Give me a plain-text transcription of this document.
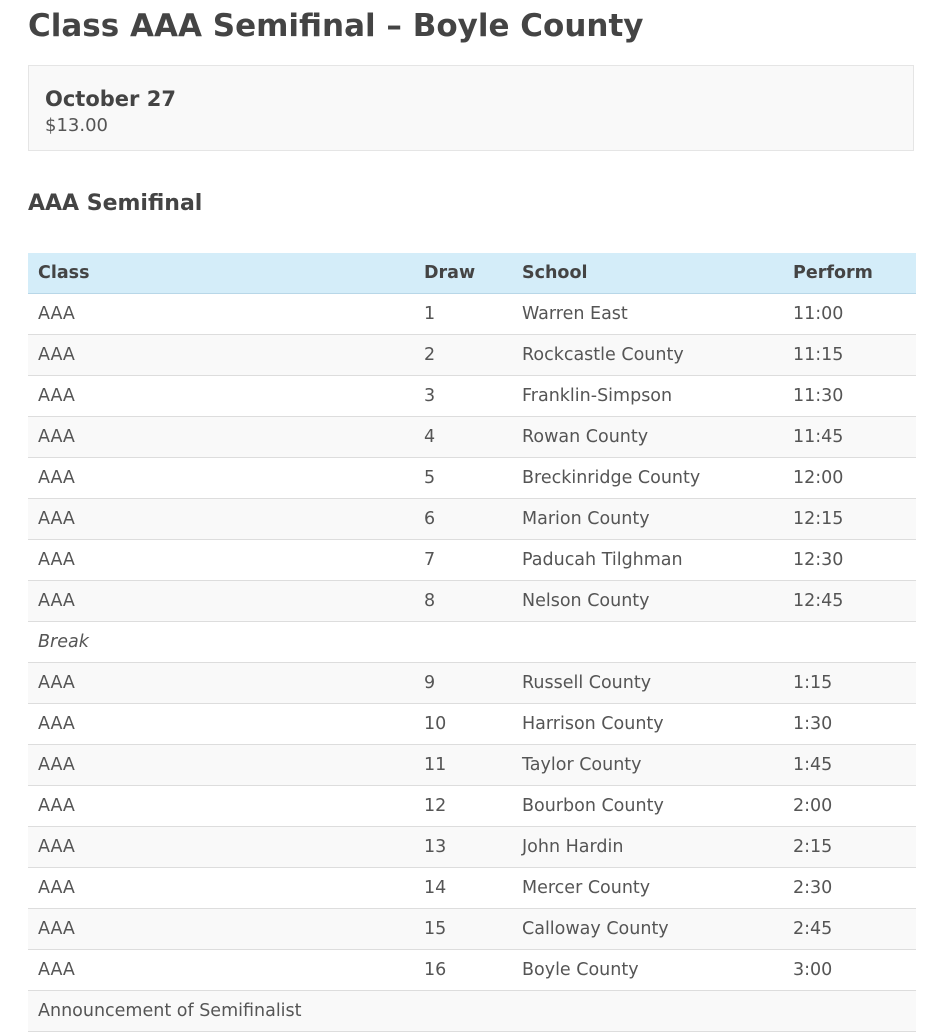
Class AAA Semifinal – Boyle County
October 27
$13.00
AAA Semifinal
Class	Draw	School	Perform
AAA	1	Warren East	11:00
AAA	2	Rockcastle County	11:15
AAA	3	Franklin-Simpson	11:30
AAA	4	Rowan County	11:45
AAA	5	Breckinridge County	12:00
AAA	6	Marion County	12:15
AAA	7	Paducah Tilghman	12:30
AAA	8	Nelson County	12:45
Break			
AAA	9	Russell County	1:15
AAA	10	Harrison County	1:30
AAA	11	Taylor County	1:45
AAA	12	Bourbon County	2:00
AAA	13	John Hardin	2:15
AAA	14	Mercer County	2:30
AAA	15	Calloway County	2:45
AAA	16	Boyle County	3:00
Announcement of Semifinalist			
